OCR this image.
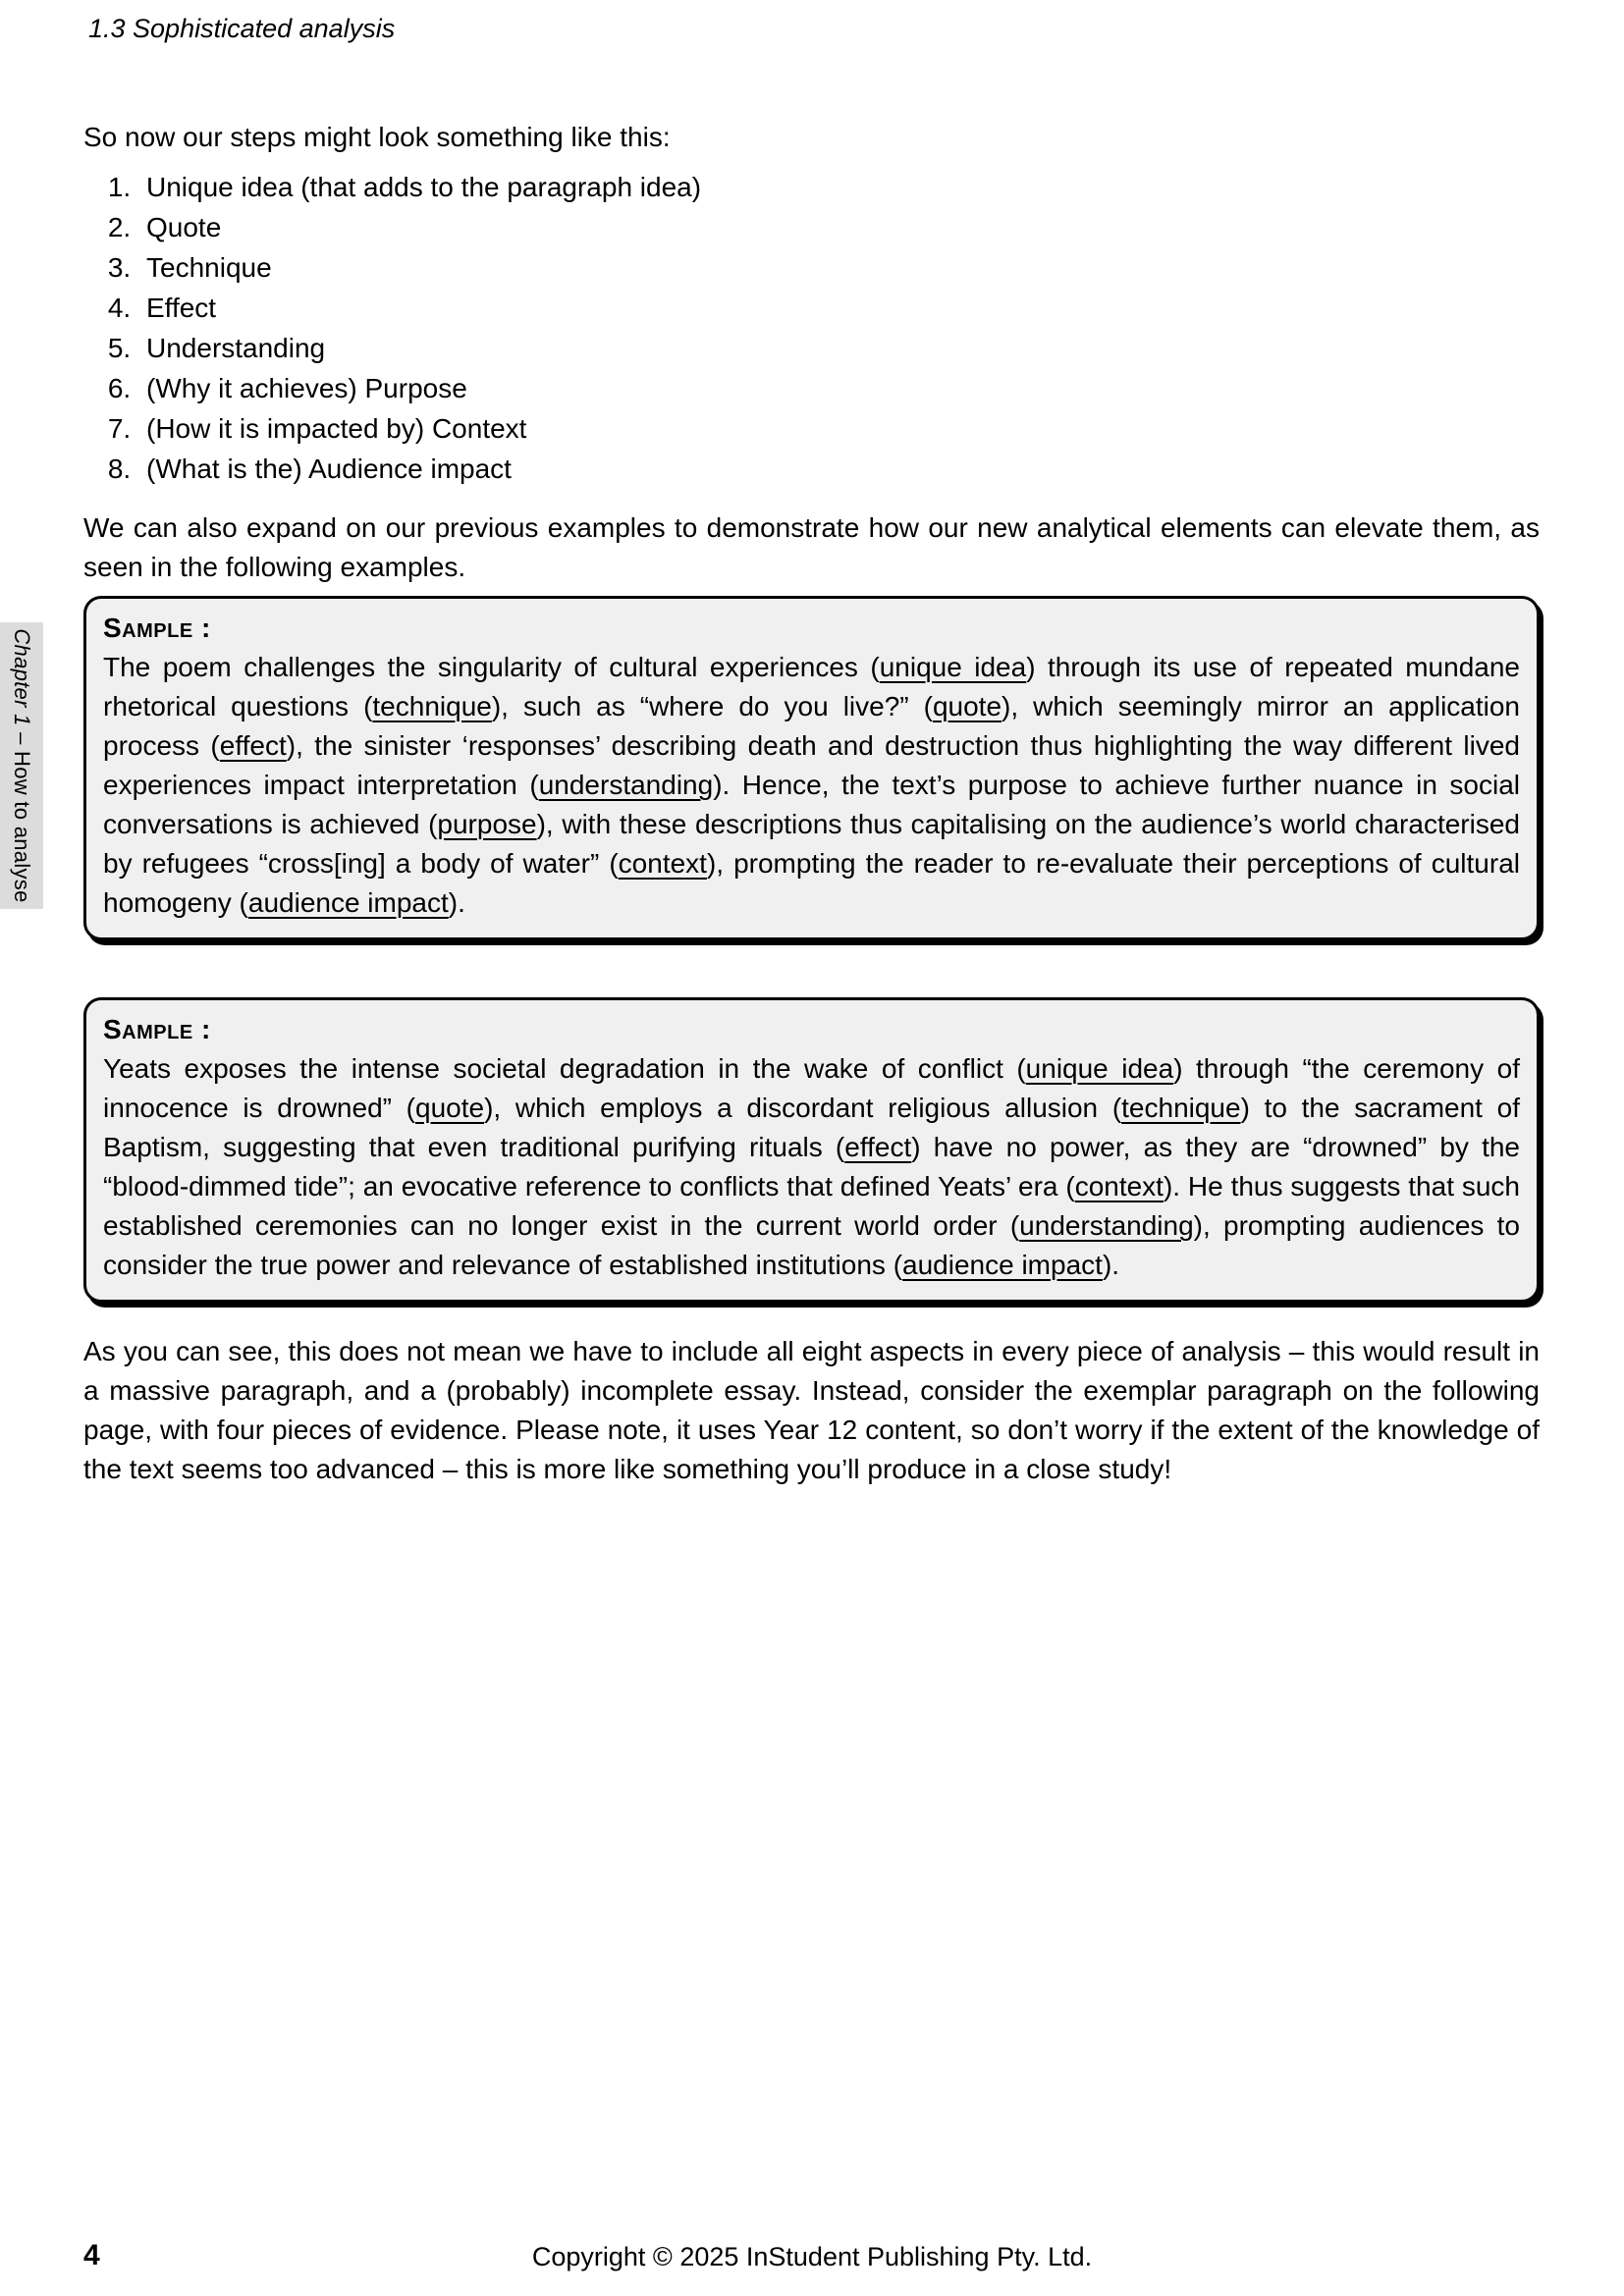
1.3 Sophisticated analysis
Chapter 1 – How to analyse

So now our steps might look something like this:

1. Unique idea (that adds to the paragraph idea)
2. Quote
3. Technique
4. Effect
5. Understanding
6. (Why it achieves) Purpose
7. (How it is impacted by) Context
8. (What is the) Audience impact

We can also expand on our previous examples to demonstrate how our new analytical elements can elevate them, as seen in the following examples.

Sample :

The poem challenges the singularity of cultural experiences (unique idea) through its use of repeated mundane rhetorical questions (technique), such as “where do you live?” (quote), which seemingly mirror an application process (effect), the sinister ‘responses’ describing death and destruction thus highlighting the way different lived experiences impact interpretation (understanding). Hence, the text’s purpose to achieve further nuance in social conversations is achieved (purpose), with these descriptions thus capitalising on the audience’s world characterised by refugees “cross[ing] a body of water” (context), prompting the reader to re-evaluate their perceptions of cultural homogeny (audience impact).

Sample :

Yeats exposes the intense societal degradation in the wake of conflict (unique idea) through “the ceremony of innocence is drowned” (quote), which employs a discordant religious allusion (technique) to the sacrament of Baptism, suggesting that even traditional purifying rituals (effect) have no power, as they are “drowned” by the “blood-dimmed tide”; an evocative reference to conflicts that defined Yeats’ era (context). He thus suggests that such established ceremonies can no longer exist in the current world order (understanding), prompting audiences to consider the true power and relevance of established institutions (audience impact).

As you can see, this does not mean we have to include all eight aspects in every piece of analysis – this would result in a massive paragraph, and a (probably) incomplete essay. Instead, consider the exemplar paragraph on the following page, with four pieces of evidence. Please note, it uses Year 12 content, so don’t worry if the extent of the knowledge of the text seems too advanced – this is more like something you’ll produce in a close study!

4	Copyright © 2025 InStudent Publishing Pty. Ltd.
